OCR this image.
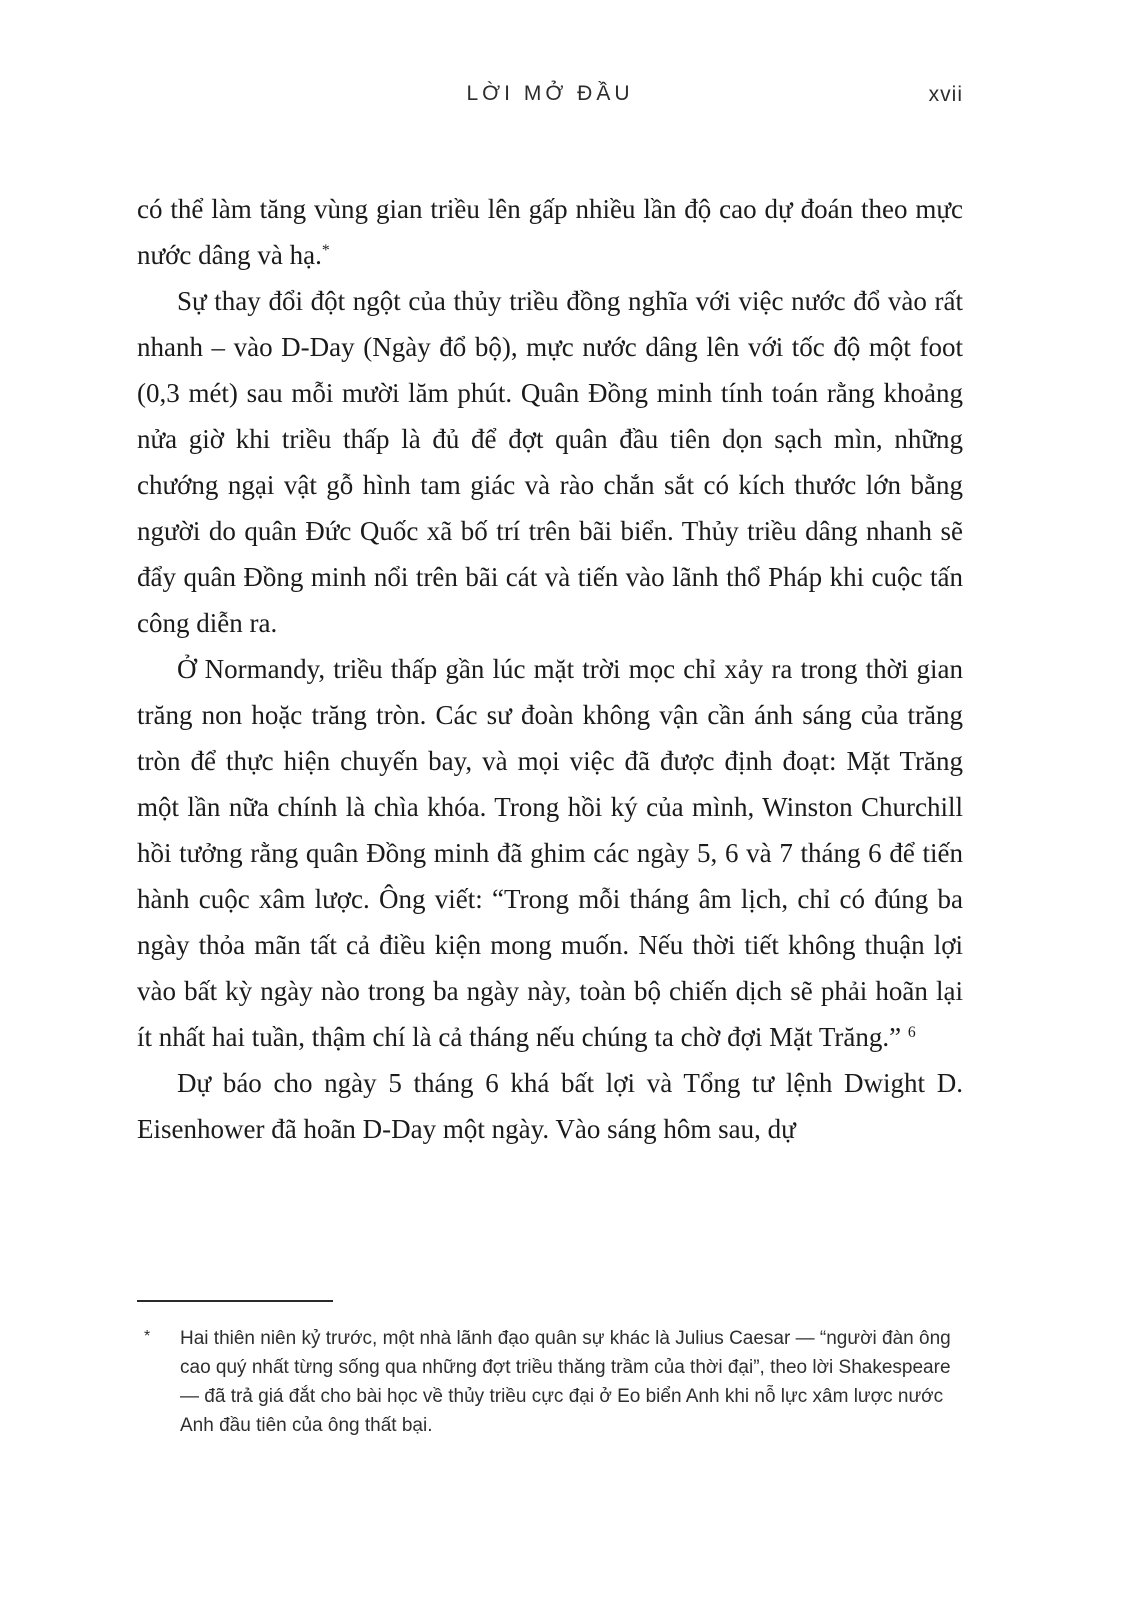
LỜI MỞ ĐẦU	xvii

có thể làm tăng vùng gian triều lên gấp nhiều lần độ cao dự đoán theo mực nước dâng và hạ.*

Sự thay đổi đột ngột của thủy triều đồng nghĩa với việc nước đổ vào rất nhanh – vào D-Day (Ngày đổ bộ), mực nước dâng lên với tốc độ một foot (0,3 mét) sau mỗi mười lăm phút. Quân Đồng minh tính toán rằng khoảng nửa giờ khi triều thấp là đủ để đợt quân đầu tiên dọn sạch mìn, những chướng ngại vật gỗ hình tam giác và rào chắn sắt có kích thước lớn bằng người do quân Đức Quốc xã bố trí trên bãi biển. Thủy triều dâng nhanh sẽ đẩy quân Đồng minh nổi trên bãi cát và tiến vào lãnh thổ Pháp khi cuộc tấn công diễn ra.

Ở Normandy, triều thấp gần lúc mặt trời mọc chỉ xảy ra trong thời gian trăng non hoặc trăng tròn. Các sư đoàn không vận cần ánh sáng của trăng tròn để thực hiện chuyến bay, và mọi việc đã được định đoạt: Mặt Trăng một lần nữa chính là chìa khóa. Trong hồi ký của mình, Winston Churchill hồi tưởng rằng quân Đồng minh đã ghim các ngày 5, 6 và 7 tháng 6 để tiến hành cuộc xâm lược. Ông viết: “Trong mỗi tháng âm lịch, chỉ có đúng ba ngày thỏa mãn tất cả điều kiện mong muốn. Nếu thời tiết không thuận lợi vào bất kỳ ngày nào trong ba ngày này, toàn bộ chiến dịch sẽ phải hoãn lại ít nhất hai tuần, thậm chí là cả tháng nếu chúng ta chờ đợi Mặt Trăng.” $^6$

Dự báo cho ngày 5 tháng 6 khá bất lợi và Tổng tư lệnh Dwight D. Eisenhower đã hoãn D-Day một ngày. Vào sáng hôm sau, dự

* Hai thiên niên kỷ trước, một nhà lãnh đạo quân sự khác là Julius Caesar — “người đàn ông cao quý nhất từng sống qua những đợt triều thăng trầm của thời đại”, theo lời Shakespeare — đã trả giá đắt cho bài học về thủy triều cực đại ở Eo biển Anh khi nỗ lực xâm lược nước Anh đầu tiên của ông thất bại.
